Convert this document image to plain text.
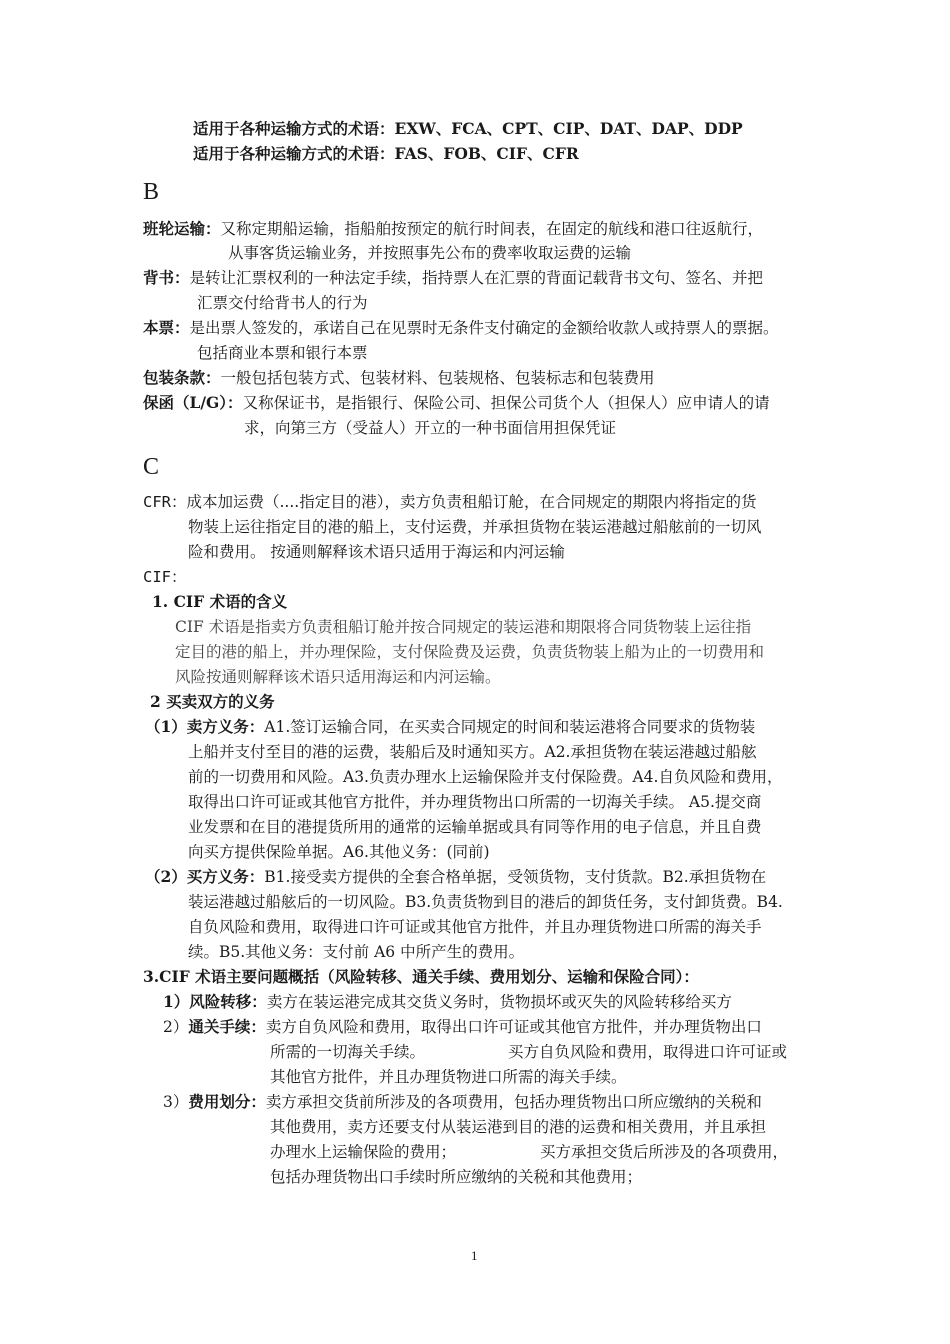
适用于各种运输方式的术语：EXW、FCA、CPT、CIP、DAT、DAP、DDP
适用于各种运输方式的术语：FAS、FOB、CIF、CFR
B
班轮运输：又称定期船运输，指船舶按预定的航行时间表，在固定的航线和港口往返航行，
从事客货运输业务，并按照事先公布的费率收取运费的运输
背书：是转让汇票权利的一种法定手续，指持票人在汇票的背面记载背书文句、签名、并把
汇票交付给背书人的行为
本票：是出票人签发的，承诺自己在见票时无条件支付确定的金额给收款人或持票人的票据。
包括商业本票和银行本票
包装条款：一般包括包装方式、包装材料、包装规格、包装标志和包装费用
保函（L/G）：又称保证书，是指银行、保险公司、担保公司货个人（担保人）应申请人的请
求，向第三方（受益人）开立的一种书面信用担保凭证
C
CFR：成本加运费（....指定目的港），卖方负责租船订舱，在合同规定的期限内将指定的货
物装上运往指定目的港的船上，支付运费，并承担货物在装运港越过船舷前的一切风
险和费用。 按通则解释该术语只适用于海运和内河运输
CIF：
1. CIF 术语的含义
CIF 术语是指卖方负责租船订舱并按合同规定的装运港和期限将合同货物装上运往指
定目的港的船上，并办理保险，支付保险费及运费，负责货物装上船为止的一切费用和
风险按通则解释该术语只适用海运和内河运输。
2 买卖双方的义务
（1）卖方义务：A1.签订运输合同，在买卖合同规定的时间和装运港将合同要求的货物装
上船并支付至目的港的运费，装船后及时通知买方。A2.承担货物在装运港越过船舷
前的一切费用和风险。A3.负责办理水上运输保险并支付保险费。A4.自负风险和费用，
取得出口许可证或其他官方批件，并办理货物出口所需的一切海关手续。 A5.提交商
业发票和在目的港提货所用的通常的运输单据或具有同等作用的电子信息，并且自费
向买方提供保险单据。A6.其他义务：(同前)
（2）买方义务：B1.接受卖方提供的全套合格单据，受领货物，支付货款。B2.承担货物在
装运港越过船舷后的一切风险。B3.负责货物到目的港后的卸货任务，支付卸货费。B4.
自负风险和费用，取得进口许可证或其他官方批件，并且办理货物进口所需的海关手
续。B5.其他义务：支付前 A6 中所产生的费用。
3.CIF 术语主要问题概括（风险转移、通关手续、费用划分、运输和保险合同）：
1）风险转移：卖方在装运港完成其交货义务时，货物损坏或灭失的风险转移给买方
2）通关手续：卖方自负风险和费用，取得出口许可证或其他官方批件，并办理货物出口
所需的一切海关手续。	买方自负风险和费用，取得进口许可证或
其他官方批件，并且办理货物进口所需的海关手续。
3）费用划分：卖方承担交货前所涉及的各项费用，包括办理货物出口所应缴纳的关税和
其他费用，卖方还要支付从装运港到目的港的运费和相关费用，并且承担
办理水上运输保险的费用；	买方承担交货后所涉及的各项费用，
包括办理货物出口手续时所应缴纳的关税和其他费用；
1
